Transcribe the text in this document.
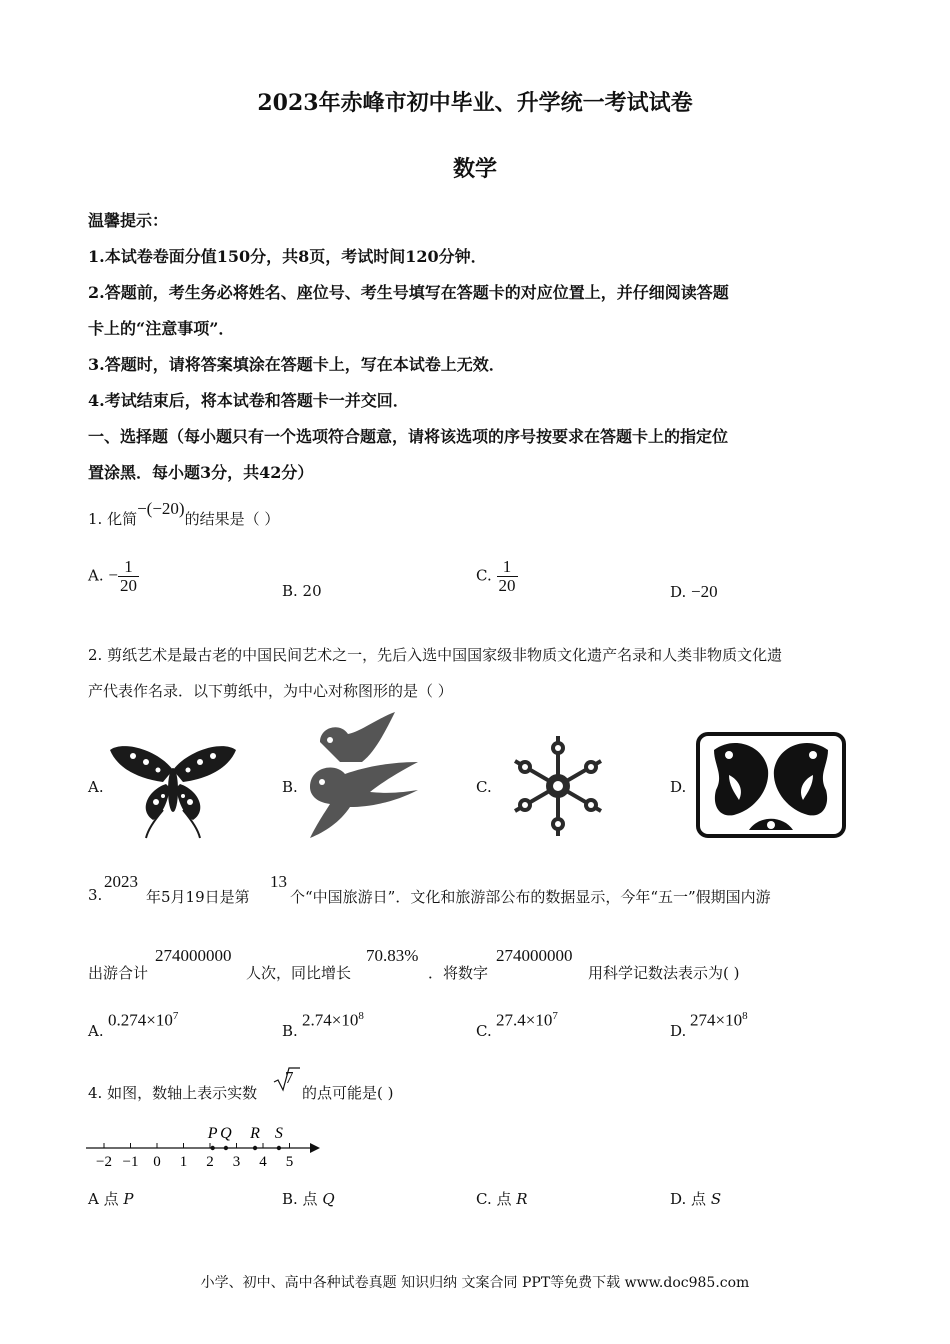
2023年赤峰市初中毕业、升学统一考试试卷
数学
温馨提示：
1.本试卷卷面分值150分，共8页，考试时间120分钟．
2.答题前，考生务必将姓名、座位号、考生号填写在答题卡的对应位置上，并仔细阅读答题
卡上的“注意事项”．
3.答题时，请将答案填涂在答题卡上，写在本试卷上无效．
4.考试结束后，将本试卷和答题卡一并交回．
一、选择题（每小题只有一个选项符合题意，请将该选项的序号按要求在答题卡上的指定位
置涂黑．每小题3分，共42分）
1. 化简−(−20)的结果是（ ）
A. − $\frac{1}{20}$	B. 20
C. $\frac{1}{20}$	D. −20
2. 剪纸艺术是最古老的中国民间艺术之一，先后入选中国国家级非物质文化遗产名录和人类非物质文化遗
产代表作名录．以下剪纸中，为中心对称图形的是（ ）
A.	B.	C.	D.
3.
2023
年5月19日是第
13
个“中国旅游日”．文化和旅游部公布的数据显示，今年“五一”假期国内游
出游合计
274000000
人次，同比增长
70.83%
．将数字
274000000
用科学记数法表示为( )
A.
$0.274\times 10^7$
B.
$2.74\times 10^8$
C.
$27.4\times 10^7$
D.
$274\times 10^8$
4. 如图，数轴上表示实数
7
的点可能是( )
−2 −1 0 1 2 3 4 5
P Q R S
A 点 P	B. 点 Q	C. 点 R	D. 点 S
小学、初中、高中各种试卷真题 知识归纳 文案合同 PPT等免费下载 www.doc985.com
